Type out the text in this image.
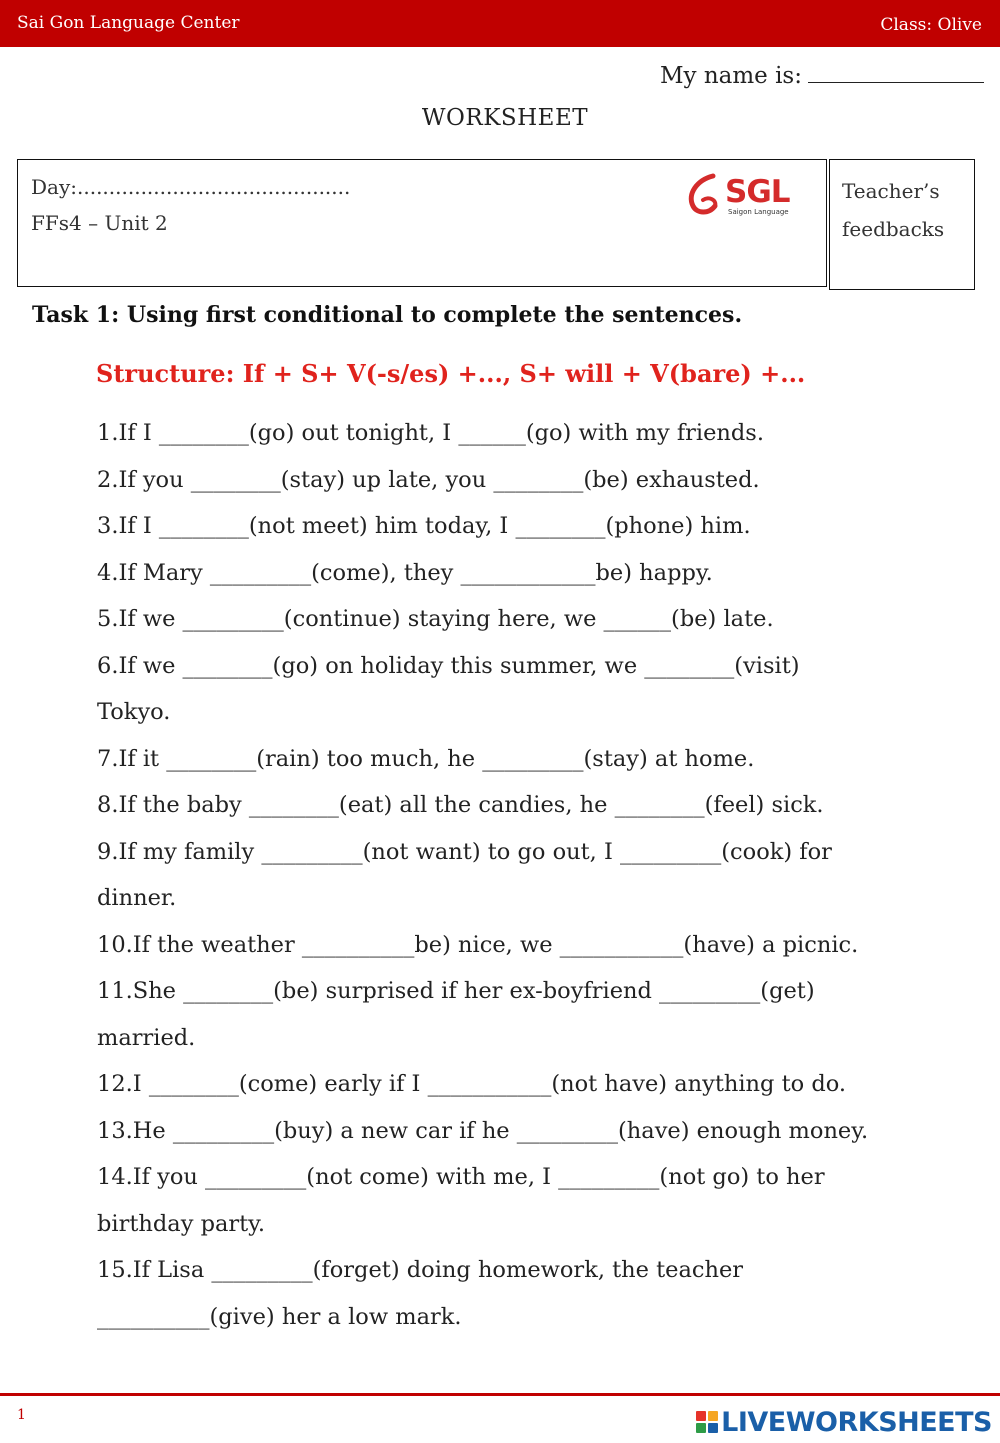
Sai Gon Language Center	Class: Olive
My name is:
WORKSHEET
Day:...........................................
FFs4 – Unit 2
SGL
Saigon Language
Teacher’s
feedbacks
Task 1: Using first conditional to complete the sentences.
Structure: If + S+ V(-s/es) +..., S+ will + V(bare) +...
1.If I ________(go) out tonight, I ______(go) with my friends.
2.If you ________(stay) up late, you ________(be) exhausted.
3.If I ________(not meet) him today, I ________(phone) him.
4.If Mary _________(come), they ____________be) happy.
5.If we _________(continue) staying here, we ______(be) late.
6.If we ________(go) on holiday this summer, we ________(visit)
Tokyo.
7.If it ________(rain) too much, he _________(stay) at home.
8.If the baby ________(eat) all the candies, he ________(feel) sick.
9.If my family _________(not want) to go out, I _________(cook) for
dinner.
10.If the weather __________be) nice, we ___________(have) a picnic.
11.She ________(be) surprised if her ex-boyfriend _________(get)
married.
12.I ________(come) early if I ___________(not have) anything to do.
13.He _________(buy) a new car if he _________(have) enough money.
14.If you _________(not come) with me, I _________(not go) to her
birthday party.
15.If Lisa _________(forget) doing homework, the teacher
__________(give) her a low mark.
1	LIVEWORKSHEETS
